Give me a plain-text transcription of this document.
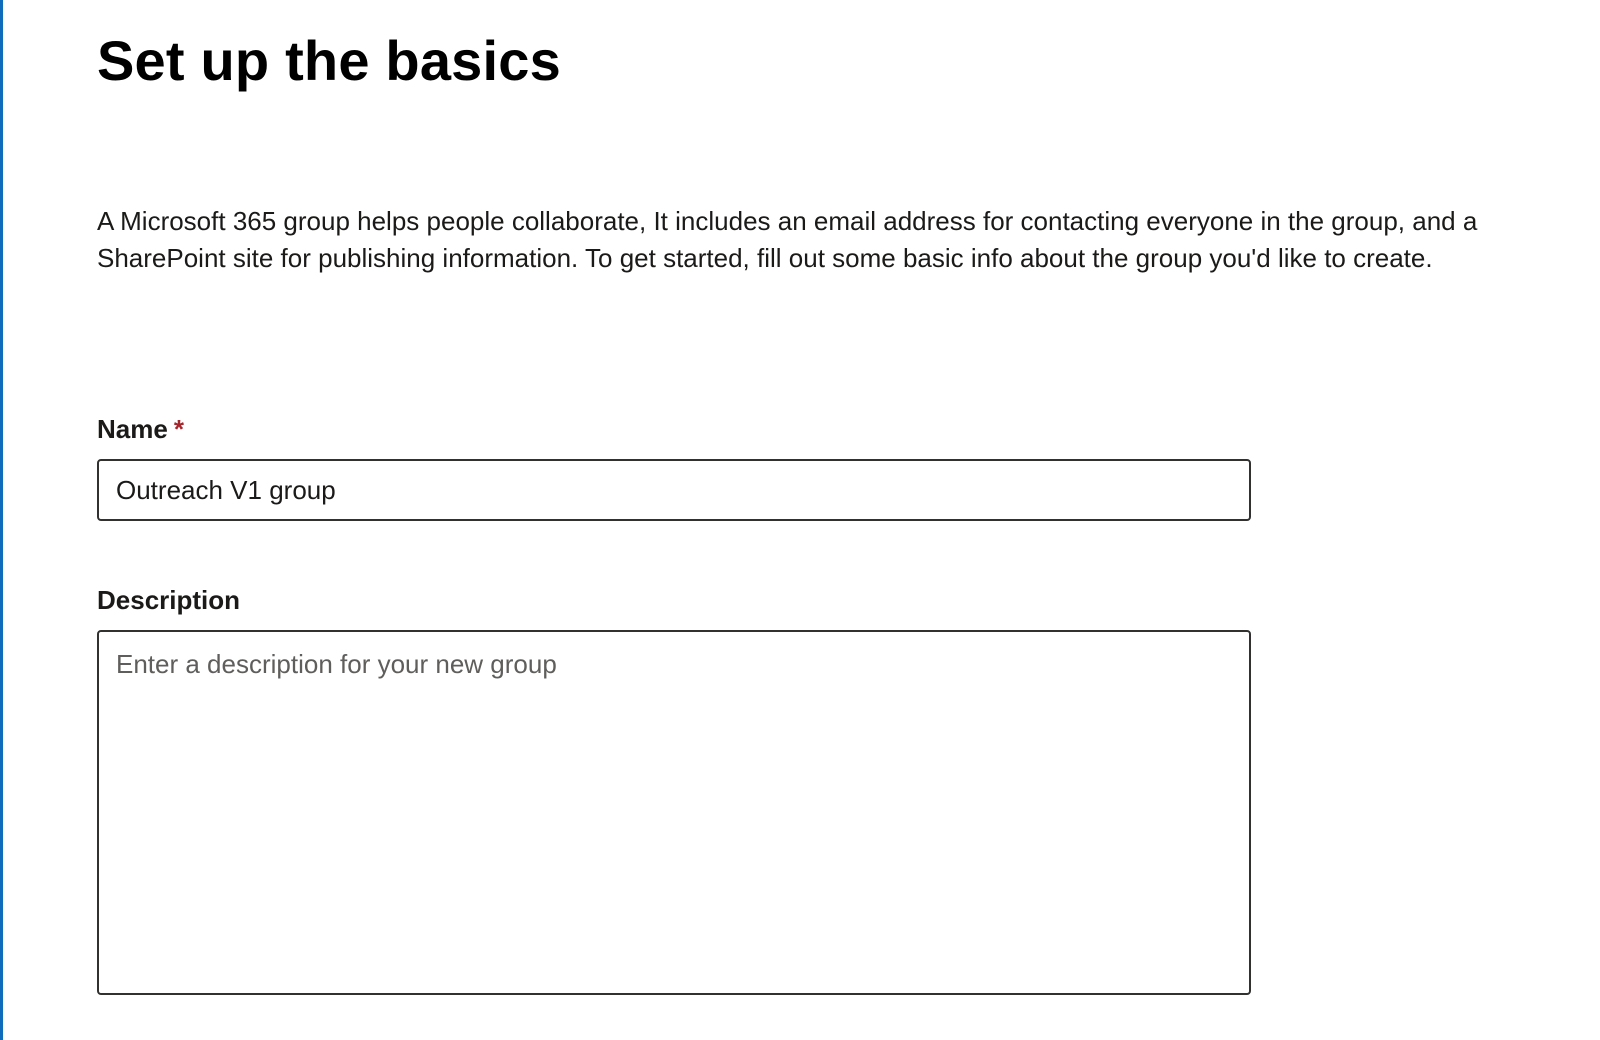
Set up the basics

A Microsoft 365 group helps people collaborate, It includes an email address for contacting everyone in the group, and a SharePoint site for publishing information. To get started, fill out some basic info about the group you'd like to create.

Name *
Outreach V1 group
Description
Enter a description for your new group
